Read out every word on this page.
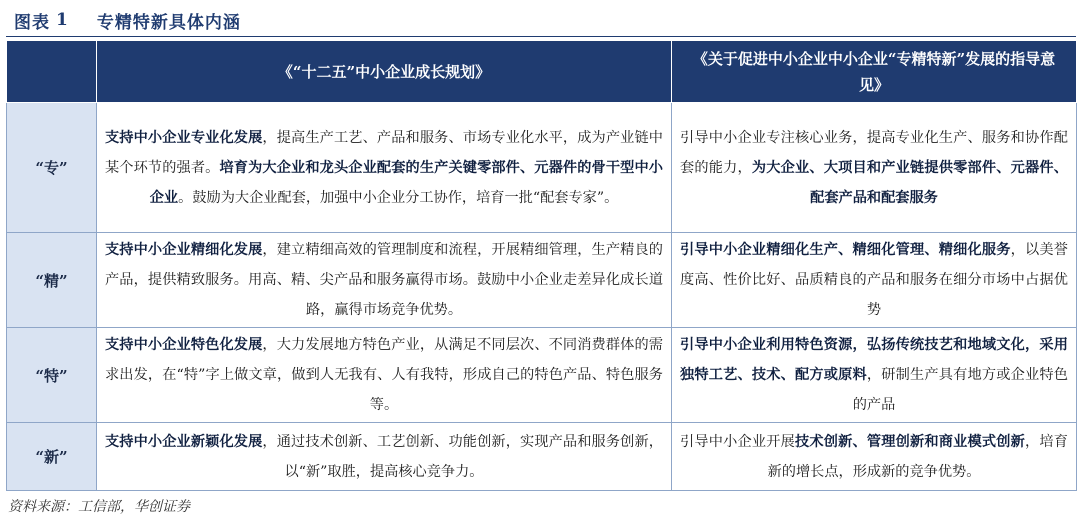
图表 1 专精特新具体内涵
	《“十二五”中小企业成长规划》	《关于促进中小企业中小企业“专精特新”发展的指导意见》
“专”	支持中小企业专业化发展，提高生产工艺、产品和服务、市场专业化水平，成为产业链中某个环节的强者。培育为大企业和龙头企业配套的生产关键零部件、元器件的骨干型中小企业。鼓励为大企业配套，加强中小企业分工协作，培育一批“配套专家”。	引导中小企业专注核心业务，提高专业化生产、服务和协作配套的能力，为大企业、大项目和产业链提供零部件、元器件、配套产品和配套服务
“精”	支持中小企业精细化发展，建立精细高效的管理制度和流程，开展精细管理，生产精良的产品，提供精致服务。用高、精、尖产品和服务赢得市场。鼓励中小企业走差异化成长道路，赢得市场竞争优势。	引导中小企业精细化生产、精细化管理、精细化服务，以美誉度高、性价比好、品质精良的产品和服务在细分市场中占据优势
“特”	支持中小企业特色化发展，大力发展地方特色产业，从满足不同层次、不同消费群体的需求出发，在“特”字上做文章，做到人无我有、人有我特，形成自己的特色产品、特色服务等。	引导中小企业利用特色资源，弘扬传统技艺和地域文化，采用独特工艺、技术、配方或原料，研制生产具有地方或企业特色的产品
“新”	支持中小企业新颖化发展，通过技术创新、工艺创新、功能创新，实现产品和服务创新，以“新”取胜，提高核心竞争力。	引导中小企业开展技术创新、管理创新和商业模式创新，培育新的增长点，形成新的竞争优势。
资料来源：工信部，华创证券
